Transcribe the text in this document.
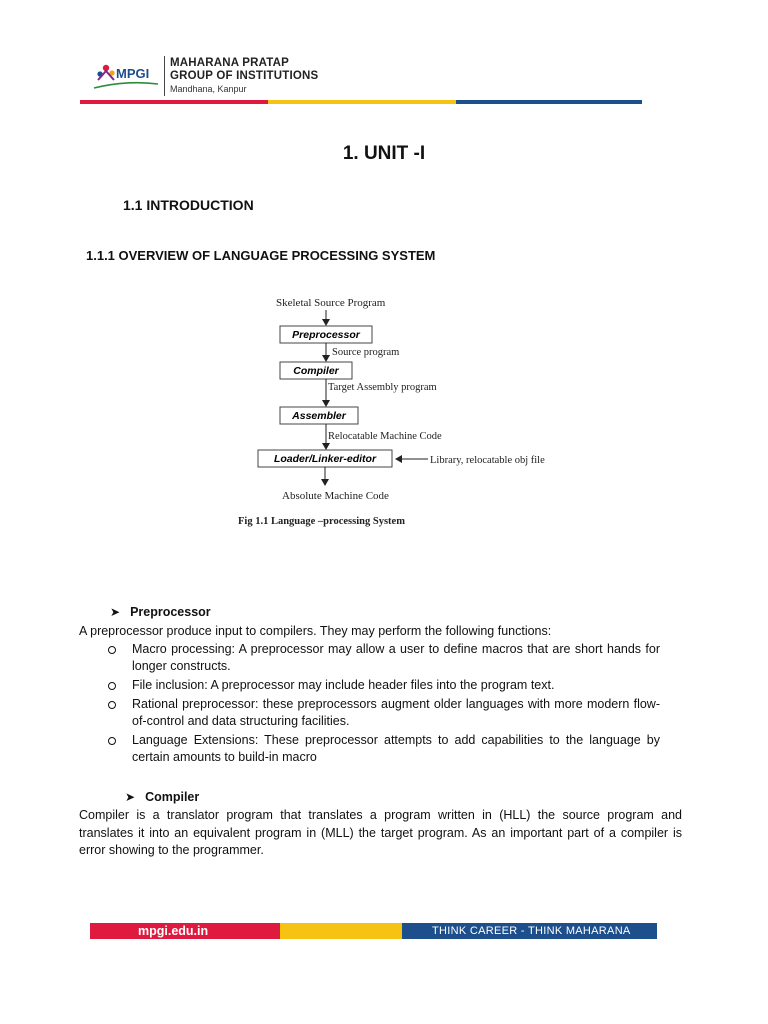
MPGI
MAHARANA PRATAP
GROUP OF INSTITUTIONS
Mandhana, Kanpur
1. UNIT -I
1.1 INTRODUCTION
1.1.1 OVERVIEW OF LANGUAGE PROCESSING SYSTEM
Skeletal Source Program
Preprocessor
Source program
Compiler
Target Assembly program
Assembler
Relocatable Machine Code
Loader/Linker-editor	Library, relocatable obj file
Absolute Machine Code
Fig 1.1 Language –processing System
➤ Preprocessor
A preprocessor produce input to compilers. They may perform the following functions:
Macro processing: A preprocessor may allow a user to define macros that are short hands for longer constructs.
File inclusion: A preprocessor may include header files into the program text.
Rational preprocessor: these preprocessors augment older languages with more modern flow-of-control and data structuring facilities.
Language Extensions: These preprocessor attempts to add capabilities to the language by certain amounts to build-in macro
➤ Compiler
Compiler is a translator program that translates a program written in (HLL) the source program and translates it into an equivalent program in (MLL) the target program. As an important part of a compiler is error showing to the programmer.
mpgi.edu.in	THINK CAREER - THINK MAHARANA
